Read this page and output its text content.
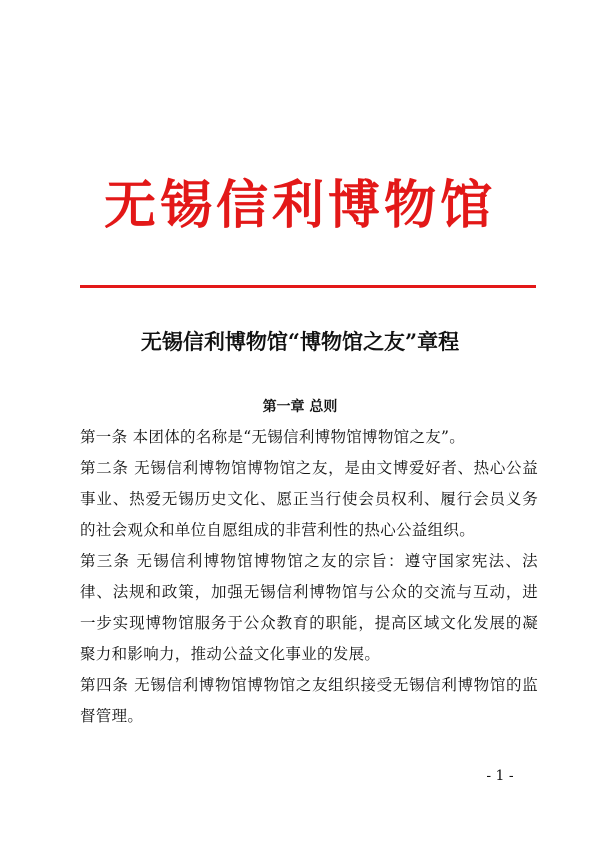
无锡信利博物馆
无锡信利博物馆“博物馆之友”章程
第一章 总则

第一条 本团体的名称是“无锡信利博物馆博物馆之友”。

第二条 无锡信利博物馆博物馆之友，是由文博爱好者、热心公益事业、热爱无锡历史文化、愿正当行使会员权利、履行会员义务的社会观众和单位自愿组成的非营利性的热心公益组织。

第三条 无锡信利博物馆博物馆之友的宗旨：遵守国家宪法、法律、法规和政策，加强无锡信利博物馆与公众的交流与互动，进一步实现博物馆服务于公众教育的职能，提高区域文化发展的凝聚力和影响力，推动公益文化事业的发展。

第四条 无锡信利博物馆博物馆之友组织接受无锡信利博物馆的监督管理。

- 1 -
